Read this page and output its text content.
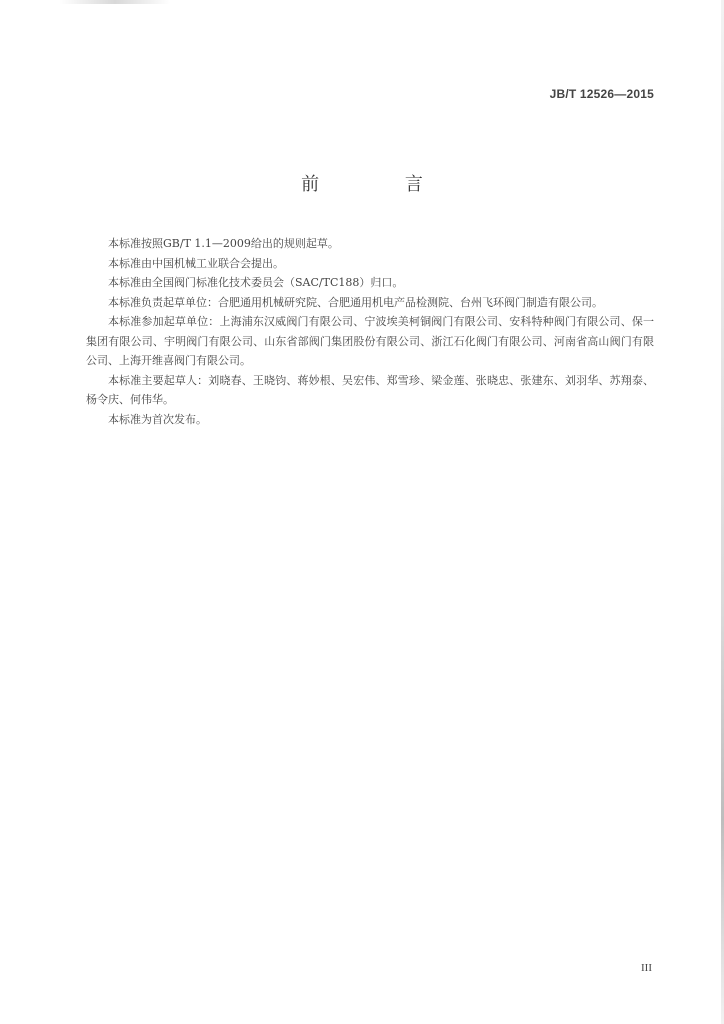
JB/T 12526—2015
前 言

本标准按照GB/T 1.1—2009给出的规则起草。

本标准由中国机械工业联合会提出。

本标准由全国阀门标准化技术委员会（SAC/TC188）归口。

本标准负责起草单位：合肥通用机械研究院、合肥通用机电产品检测院、台州飞环阀门制造有限公司。

本标准参加起草单位：上海浦东汉威阀门有限公司、宁波埃美柯铜阀门有限公司、安科特种阀门有限公司、保一集团有限公司、宇明阀门有限公司、山东省部阀门集团股份有限公司、浙江石化阀门有限公司、河南省高山阀门有限公司、上海开维喜阀门有限公司。

本标准主要起草人：刘晓春、王晓钧、蒋妙根、吴宏伟、郑雪珍、梁金莲、张晓忠、张建东、刘羽华、苏翔泰、杨令庆、何伟华。

本标准为首次发布。

III
